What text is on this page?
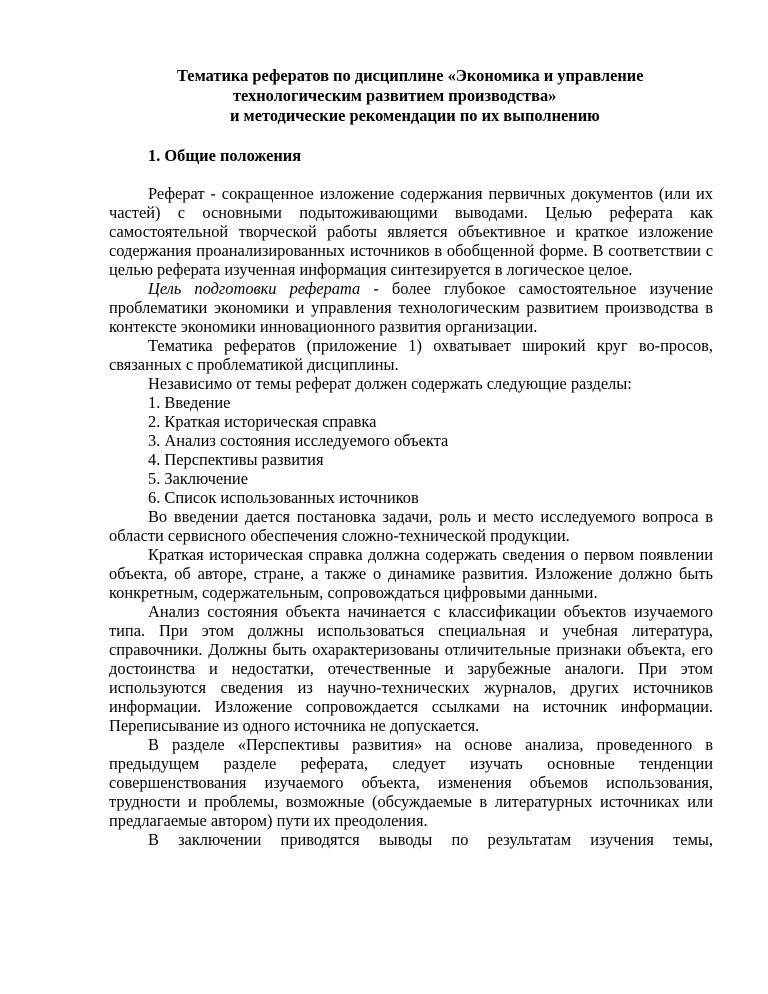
Тематика рефератов по дисциплине «Экономика и управление
технологическим развитием производства»
и методические рекомендации по их выполнению
1. Общие положения

Реферат - сокращенное изложение содержания первичных документов (или их частей) с основными подытоживающими выводами. Целью реферата как самостоятельной творческой работы является объективное и краткое изложение содержания проанализированных источников в обобщенной форме. В соответствии с целью реферата изученная информация синтезируется в логическое целое.

Цель подготовки реферата - более глубокое самостоятельное изучение проблематики экономики и управления технологическим развитием производства в контексте экономики инновационного развития организации.

Тематика рефератов (приложение 1) охватывает широкий круг во-просов, связанных с проблематикой дисциплины.

Независимо от темы реферат должен содержать следующие разделы:

1. Введение

2. Краткая историческая справка

3. Анализ состояния исследуемого объекта

4. Перспективы развития

5. Заключение

6. Список использованных источников

Во введении дается постановка задачи, роль и место исследуемого вопроса в области сервисного обеспечения сложно-технической продукции.

Краткая историческая справка должна содержать сведения о первом появлении объекта, об авторе, стране, а также о динамике развития. Изложение должно быть конкретным, содержательным, сопровождаться цифровыми данными.

Анализ состояния объекта начинается с классификации объектов изучаемого типа. При этом должны использоваться специальная и учебная литература, справочники. Должны быть охарактеризованы отличительные признаки объекта, его достоинства и недостатки, отечественные и зарубежные аналоги. При этом используются сведения из научно-технических журналов, других источников информации. Изложение сопровождается ссылками на источник информации. Переписывание из одного источника не допускается.

В разделе «Перспективы развития» на основе анализа, проведенного в предыдущем разделе реферата, следует изучать основные тенденции совершенствования изучаемого объекта, изменения объемов использования, трудности и проблемы, возможные (обсуждаемые в литературных источниках или предлагаемые автором) пути их преодоления.

В заключении приводятся выводы по результатам изучения темы,
